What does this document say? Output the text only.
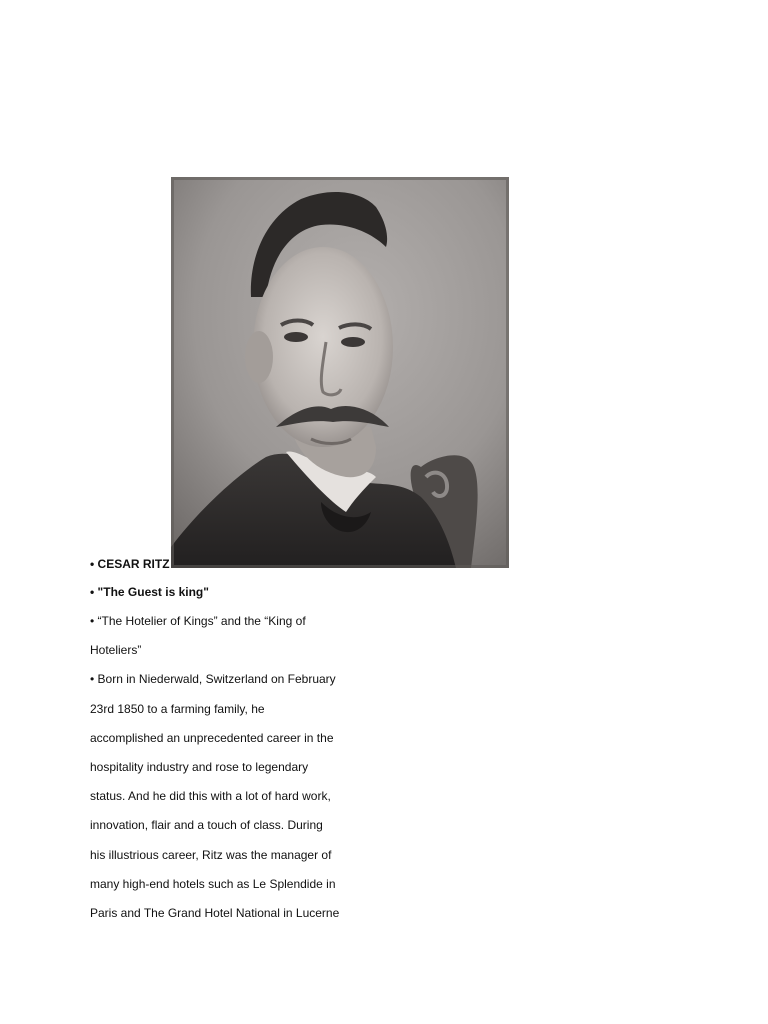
• CESAR RITZ
• "The Guest is king"
• “The Hotelier of Kings” and the “King of
Hoteliers”
• Born in Niederwald, Switzerland on February
23rd 1850 to a farming family, he
accomplished an unprecedented career in the
hospitality industry and rose to legendary
status. And he did this with a lot of hard work,
innovation, flair and a touch of class. During
his illustrious career, Ritz was the manager of
many high-end hotels such as Le Splendide in
Paris and The Grand Hotel National in Lucerne
